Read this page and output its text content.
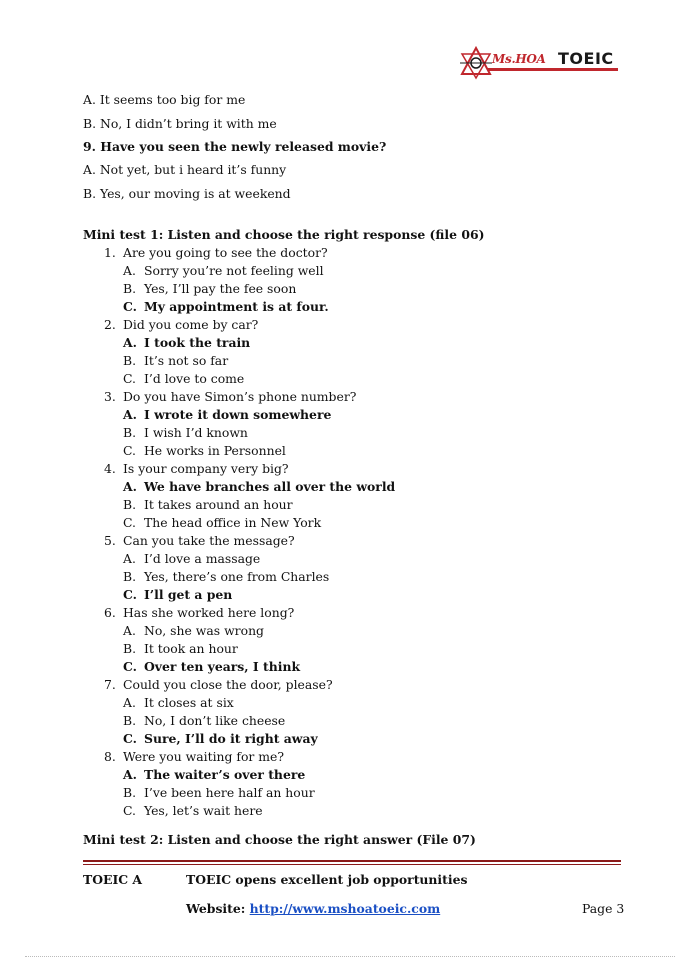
Ms.HOA TOEIC
A. It seems too big for me
B. No, I didn’t bring it with me
9. Have you seen the newly released movie?
A. Not yet, but i heard it’s funny
B. Yes, our moving is at weekend
Mini test 1: Listen and choose the right response (file 06)
1. Are you going to see the doctor?
A. Sorry you’re not feeling well
B. Yes, I’ll pay the fee soon
C. My appointment is at four.
2. Did you come by car?
A. I took the train
B. It’s not so far
C. I’d love to come
3. Do you have Simon’s phone number?
A. I wrote it down somewhere
B. I wish I’d known
C. He works in Personnel
4. Is your company very big?
A. We have branches all over the world
B. It takes around an hour
C. The head office in New York
5. Can you take the message?
A. I’d love a massage
B. Yes, there’s one from Charles
C. I’ll get a pen
6. Has she worked here long?
A. No, she was wrong
B. It took an hour
C. Over ten years, I think
7. Could you close the door, please?
A. It closes at six
B. No, I don’t like cheese
C. Sure, I’ll do it right away
8. Were you waiting for me?
A. The waiter’s over there
B. I’ve been here half an hour
C. Yes, let’s wait here
Mini test 2: Listen and choose the right answer (File 07)
TOEIC A	TOEIC opens excellent job opportunities
Website: http://www.mshoatoeic.com	Page 3
